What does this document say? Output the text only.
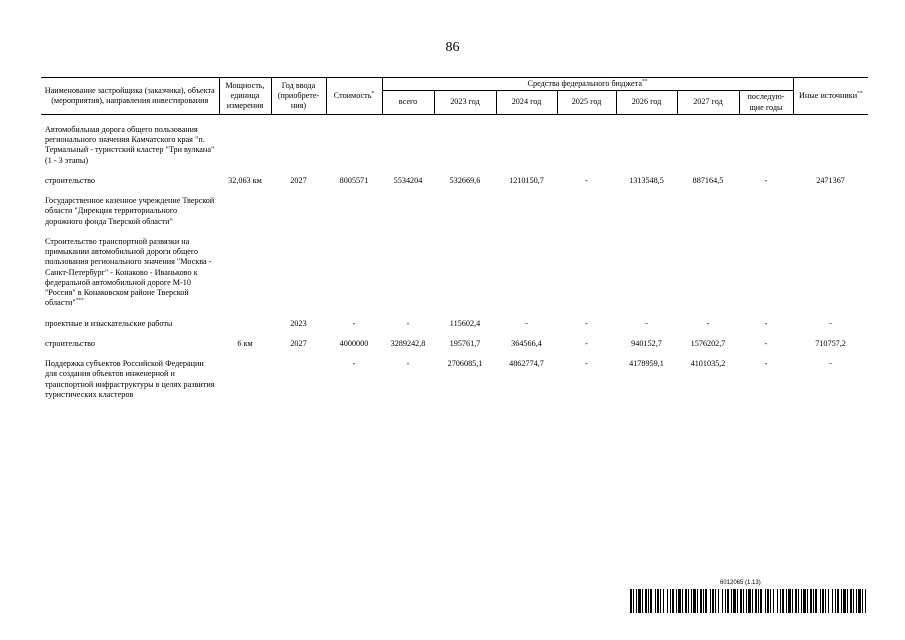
86
Наименование застройщика (заказчика), объекта (мероприятия), направления инвестирования	Мощность, единица измерения	Год ввода (приобрете-ния)	Стоимость*	Средства федерального бюджета**							Иные источники**
				всего	2023 год	2024 год	2025 год	2026 год	2027 год	последую-щие годы	

Автомобильная дорога общего пользования регионального значения Камчатского края "п. Термальный - туристский кластер "Три вулкана" (1 - 3 этапы)											

строительство	32,063 км	2027	8005571	5534204	532669,6	1210150,7	-	1313548,5	887164,5	-	2471367

Государственное казенное учреждение Тверской области "Дирекция территориального дорожного фонда Тверской области"											

Строительство транспортной развязки на примыкании автомобильной дороги общего пользования регионального значения "Москва - Санкт-Петербург" - Конаково - Иваньково к федеральной автомобильной дороге М-10 "Россия" в Конаковском районе Тверской области"***	

проектные и изыскательские работы		2023	-	-	115602,4	-	-	-	-	-	-

строительство	6 км	2027	4000000	3289242,8	195761,7	364566,4	-	940152,7	1576202,7	-	710757,2

Поддержка субъектов Российской Федерации для создания объектов инженерной и транспортной инфраструктуры в целях развития туристических кластеров			-	-	2706085,1	4862774,7	-	4178959,1	4101035,2	-	-
6012065 (1.13)
